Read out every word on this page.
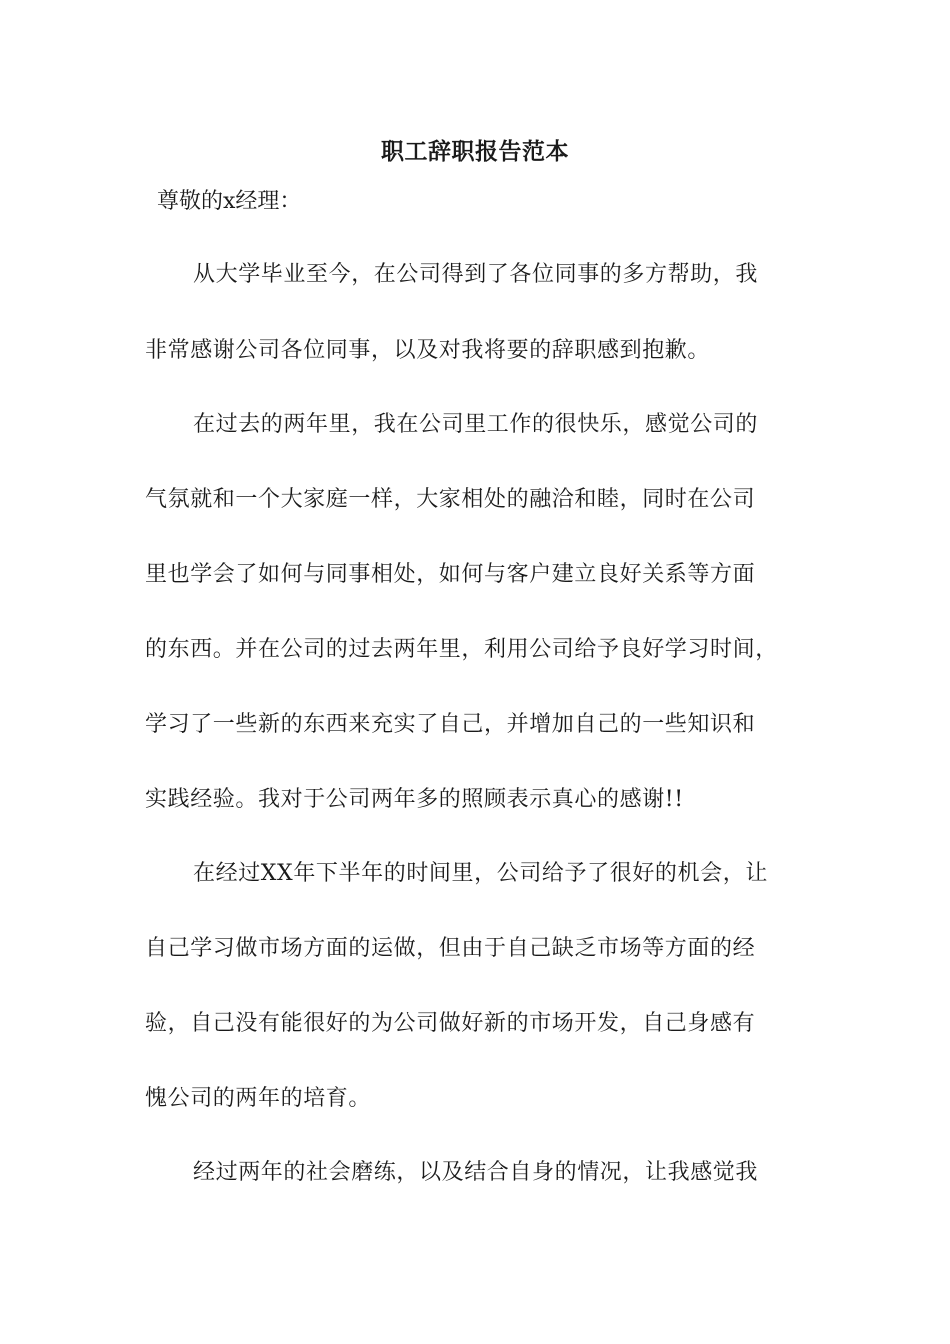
职工辞职报告范本
尊敬的x经理：
从大学毕业至今，在公司得到了各位同事的多方帮助，我
非常感谢公司各位同事，以及对我将要的辞职感到抱歉。
在过去的两年里，我在公司里工作的很快乐，感觉公司的
气氛就和一个大家庭一样，大家相处的融洽和睦，同时在公司
里也学会了如何与同事相处，如何与客户建立良好关系等方面
的东西。并在公司的过去两年里，利用公司给予良好学习时间，
学习了一些新的东西来充实了自己，并增加自己的一些知识和
实践经验。我对于公司两年多的照顾表示真心的感谢!!
在经过XX年下半年的时间里，公司给予了很好的机会，让
自己学习做市场方面的运做，但由于自己缺乏市场等方面的经
验，自己没有能很好的为公司做好新的市场开发，自己身感有
愧公司的两年的培育。
经过两年的社会磨练，以及结合自身的情况，让我感觉我
